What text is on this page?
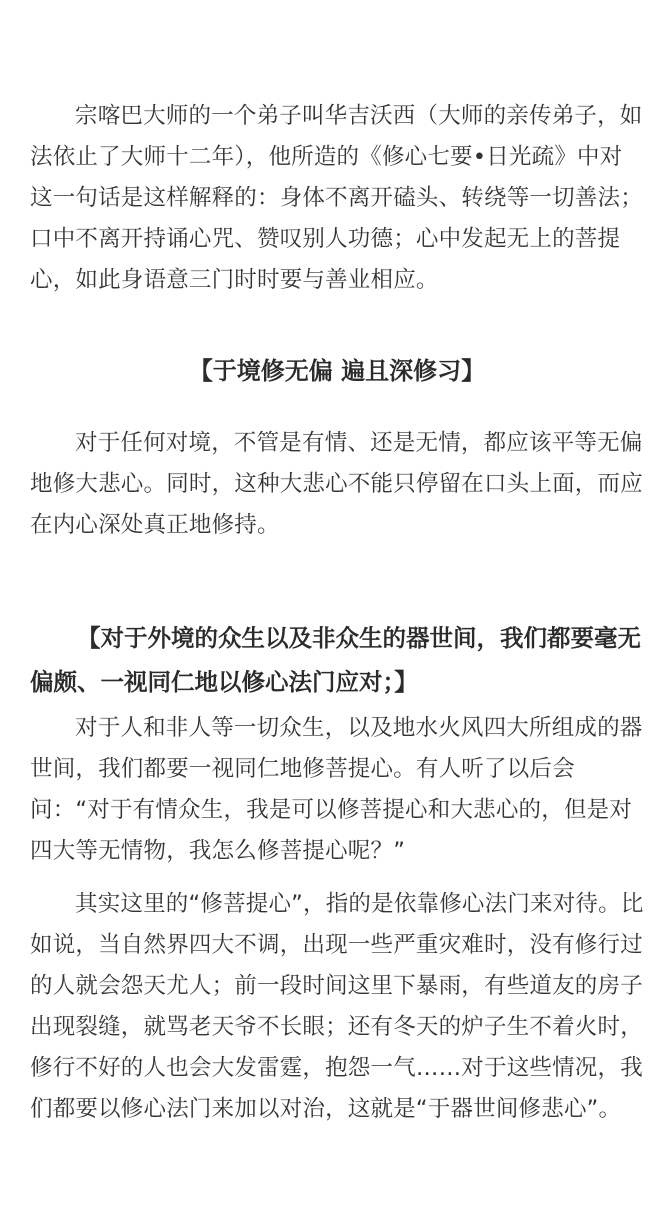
宗喀巴大师的一个弟子叫华吉沃西（大师的亲传弟子，如法依止了大师十二年），他所造的《修心七要•日光疏》中对这一句话是这样解释的：身体不离开磕头、转绕等一切善法；口中不离开持诵心咒、赞叹别人功德；心中发起无上的菩提心，如此身语意三门时时要与善业相应。

【于境修无偏 遍且深修习】

对于任何对境，不管是有情、还是无情，都应该平等无偏地修大悲心。同时，这种大悲心不能只停留在口头上面，而应在内心深处真正地修持。

【对于外境的众生以及非众生的器世间，我们都要毫无偏颇、一视同仁地以修心法门应对；】

对于人和非人等一切众生，以及地水火风四大所组成的器世间，我们都要一视同仁地修菩提心。有人听了以后会问：“对于有情众生，我是可以修菩提心和大悲心的，但是对四大等无情物，我怎么修菩提心呢？”

其实这里的“修菩提心”，指的是依靠修心法门来对待。比如说，当自然界四大不调，出现一些严重灾难时，没有修行过的人就会怨天尤人；前一段时间这里下暴雨，有些道友的房子出现裂缝，就骂老天爷不长眼；还有冬天的炉子生不着火时，修行不好的人也会大发雷霆，抱怨一气……对于这些情况，我们都要以修心法门来加以对治，这就是“于器世间修悲心”。
